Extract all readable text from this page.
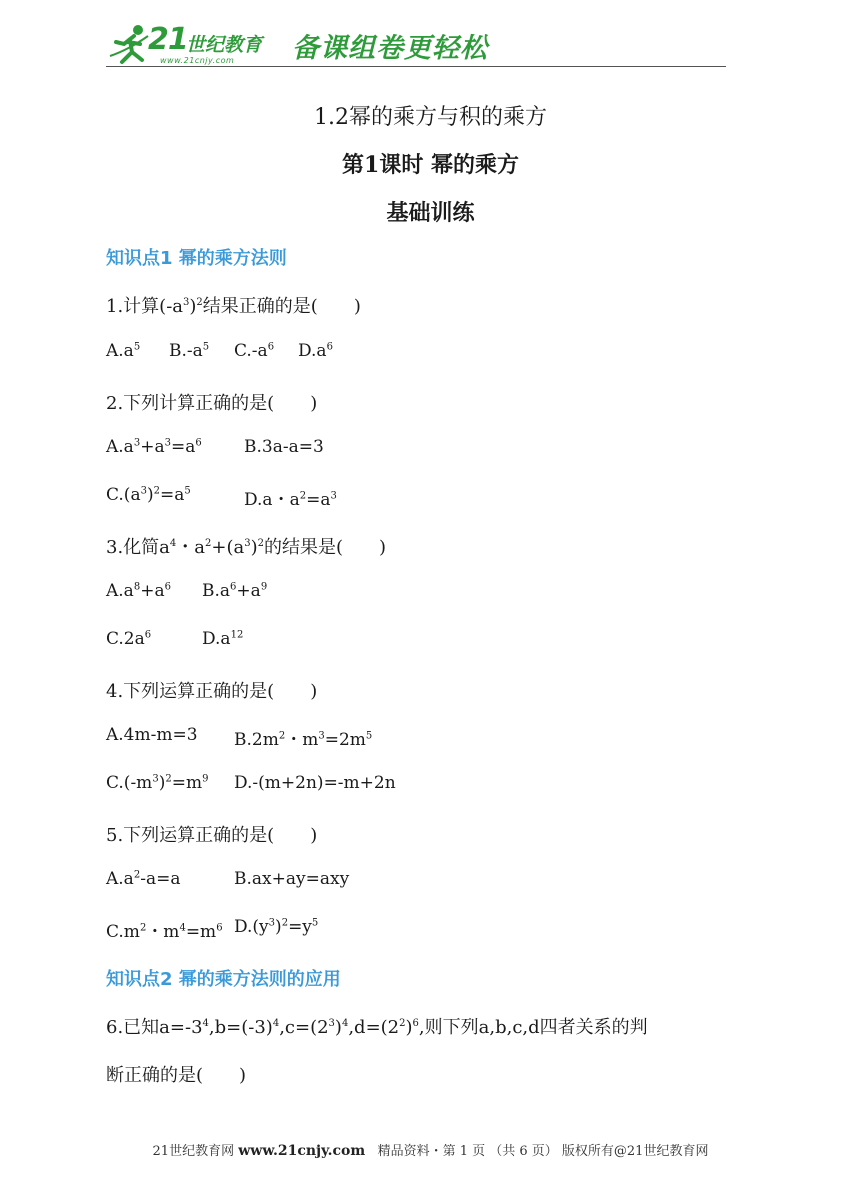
21
世纪教育
www.21cnjy.com 备课组卷更轻松
1.2幂的乘方与积的乘方
第1课时 幂的乘方
基础训练
知识点1 幂的乘方法则
1.计算$(-a^3)^2$结果正确的是(　　)
$A.a^5$ $B.-a^5$ $C.-a^6$ $D.a^6$
2.下列计算正确的是(　　)
$A.a^3+a^3=a^6$ B.3a-a=3
$C.(a^3)^2=a^5$	D.a・$a^2=a^3$
3.化简$a^4$・$a^2+(a^3)^2$的结果是(　　)
$A.a^8+a^6$ $B.a^6+a^9$
$C.2a^6$	$D.a^{12}$
4.下列运算正确的是(　　)
A.4m-m=3 $B.2m^2$・$m^3=2m^5$
$C.(-m^3)^2=m^9$ D.-(m+2n)=-m+2n
5.下列运算正确的是(　　)
$A.a^2-a=a$	B.ax+ay=axy
$C.m^2$・$m^4=m^6$ $D.(y^3)^2=y^5$
知识点2 幂的乘方法则的应用
6.已知$a=-3^4,b=(-3)^4,c=(2^3)^4,d=(2^2)^6$,则下列a,b,c,d四者关系的判
断正确的是(　　)
21世纪教育网 www.21cnjy.com 精品资料・第 1 页 （共 6 页） 版权所有@21世纪教育网
